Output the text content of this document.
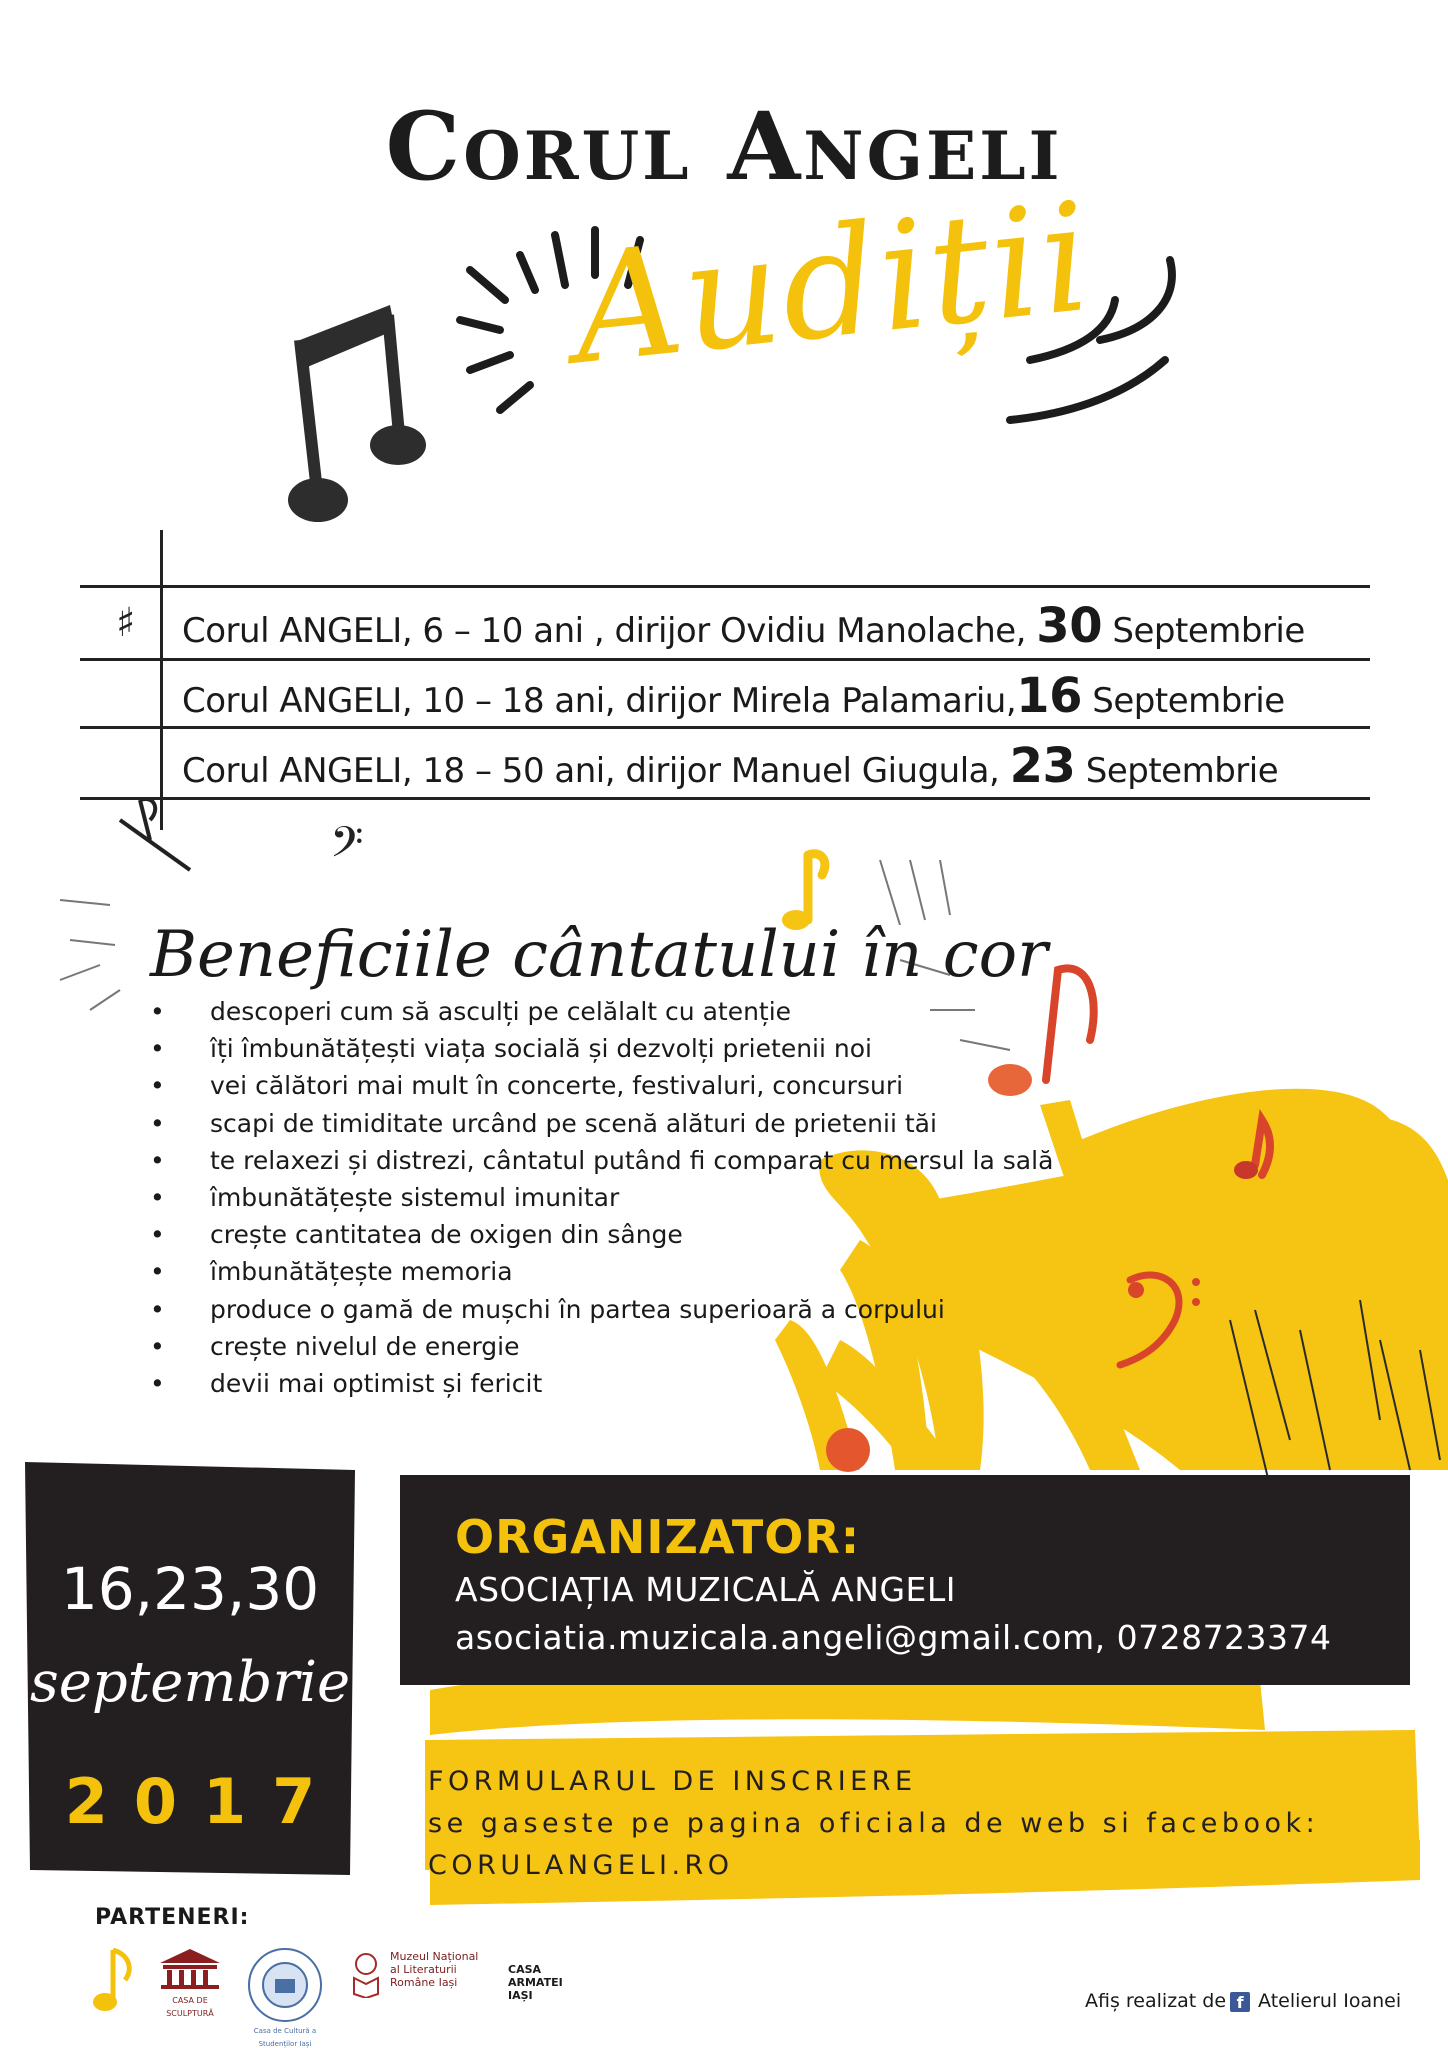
Corul Angeli
Audiții
♯
𝄢
Corul ANGELI, 6 – 10 ani , dirijor Ovidiu Manolache, 30 Septembrie
Corul ANGELI, 10 – 18 ani, dirijor Mirela Palamariu,16 Septembrie
Corul ANGELI, 18 – 50 ani, dirijor Manuel Giugula, 23 Septembrie
Beneficiile cântatului în cor
• descoperi cum să asculți pe celălalt cu atenție
• îți îmbunătățești viața socială și dezvolți prietenii noi
• vei călători mai mult în concerte, festivaluri, concursuri
• scapi de timiditate urcând pe scenă alături de prietenii tăi
• te relaxezi și distrezi, cântatul putând fi comparat cu mersul la sală
• îmbunătățește sistemul imunitar
• crește cantitatea de oxigen din sânge
• îmbunătățește memoria
• produce o gamă de mușchi în partea superioară a corpului
• crește nivelul de energie
• devii mai optimist și fericit
16,23,30
septembrie
2017
ORGANIZATOR:
ASOCIAȚIA MUZICALĂ ANGELI
asociatia.muzicala.angeli@gmail.com, 0728723374
FORMULARUL DE INSCRIERE
se gaseste pe pagina oficiala de web si facebook:
CORULANGELI.RO
PARTENERI:
CASA DE SCULPTURĂ
Casa de Cultură a Studenților Iași
Muzeul Național al Literaturii Române Iași
CASA ARMATEI IAȘI	Afiș realizat de f Atelierul Ioanei
